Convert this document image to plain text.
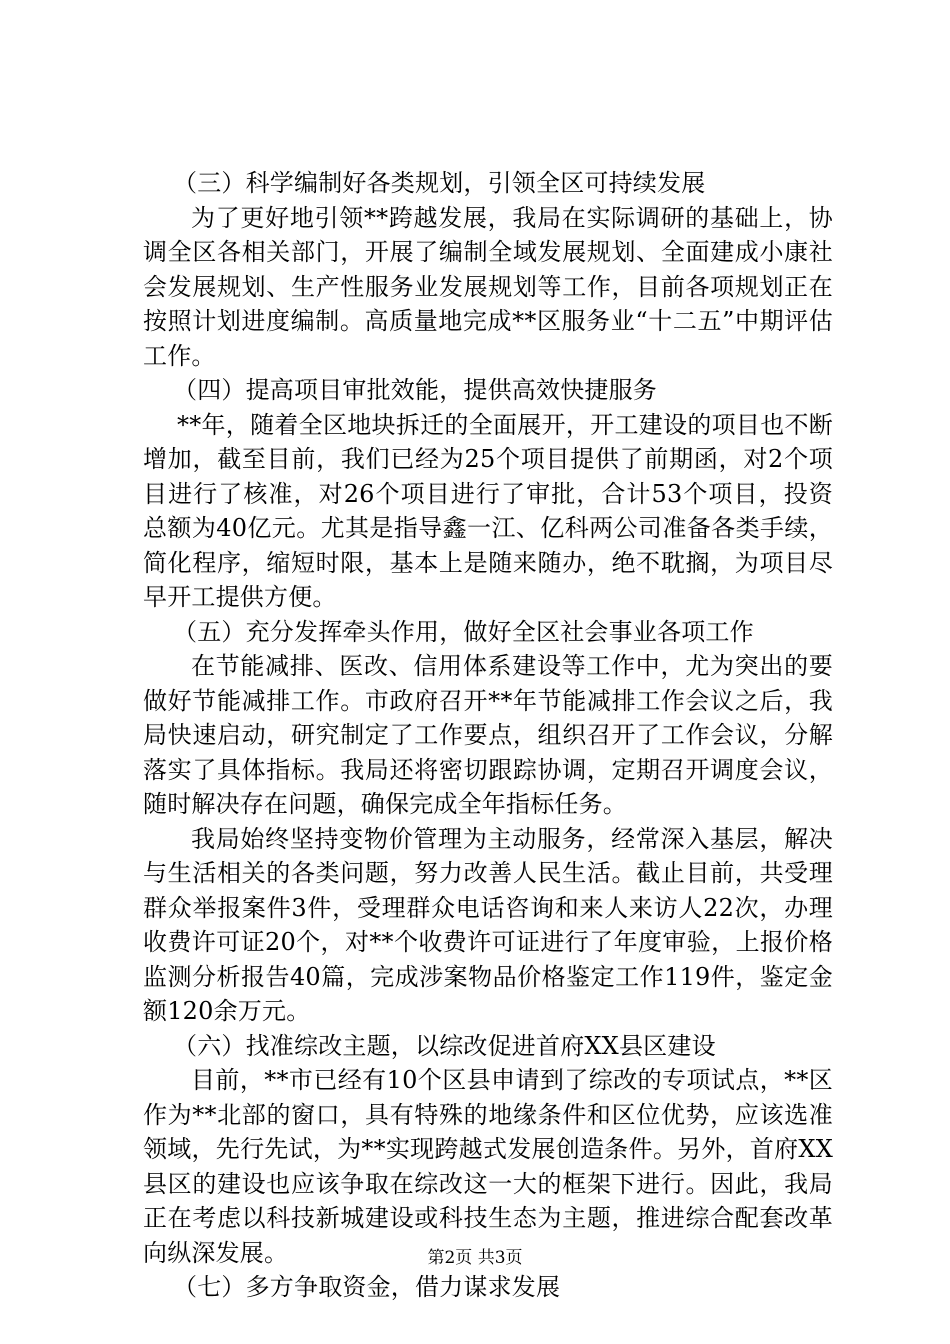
（三）科学编制好各类规划，引领全区可持续发展

为了更好地引领**跨越发展，我局在实际调研的基础上，协调全区各相关部门，开展了编制全域发展规划、全面建成小康社会发展规划、生产性服务业发展规划等工作，目前各项规划正在按照计划进度编制。高质量地完成**区服务业“十二五”中期评估工作。

（四）提高项目审批效能，提供高效快捷服务

**年，随着全区地块拆迁的全面展开，开工建设的项目也不断增加，截至目前，我们已经为25个项目提供了前期函，对2个项目进行了核准，对26个项目进行了审批，合计53个项目，投资总额为40亿元。尤其是指导鑫一江、亿科两公司准备各类手续，简化程序，缩短时限，基本上是随来随办，绝不耽搁，为项目尽早开工提供方便。

（五）充分发挥牵头作用，做好全区社会事业各项工作

在节能减排、医改、信用体系建设等工作中，尤为突出的要做好节能减排工作。市政府召开**年节能减排工作会议之后，我局快速启动，研究制定了工作要点，组织召开了工作会议，分解落实了具体指标。我局还将密切跟踪协调，定期召开调度会议，随时解决存在问题，确保完成全年指标任务。

我局始终坚持变物价管理为主动服务，经常深入基层，解决与生活相关的各类问题，努力改善人民生活。截止目前，共受理群众举报案件3件，受理群众电话咨询和来人来访人22次，办理收费许可证20个，对**个收费许可证进行了年度审验，上报价格监测分析报告40篇，完成涉案物品价格鉴定工作119件，鉴定金额120余万元。

（六）找准综改主题，以综改促进首府XX县区建设

目前，**市已经有10个区县申请到了综改的专项试点，**区作为**北部的窗口，具有特殊的地缘条件和区位优势，应该选准领域，先行先试，为**实现跨越式发展创造条件。另外，首府XX县区的建设也应该争取在综改这一大的框架下进行。因此，我局正在考虑以科技新城建设或科技生态为主题，推进综合配套改革向纵深发展。

（七）多方争取资金，借力谋求发展

第2页 共3页
